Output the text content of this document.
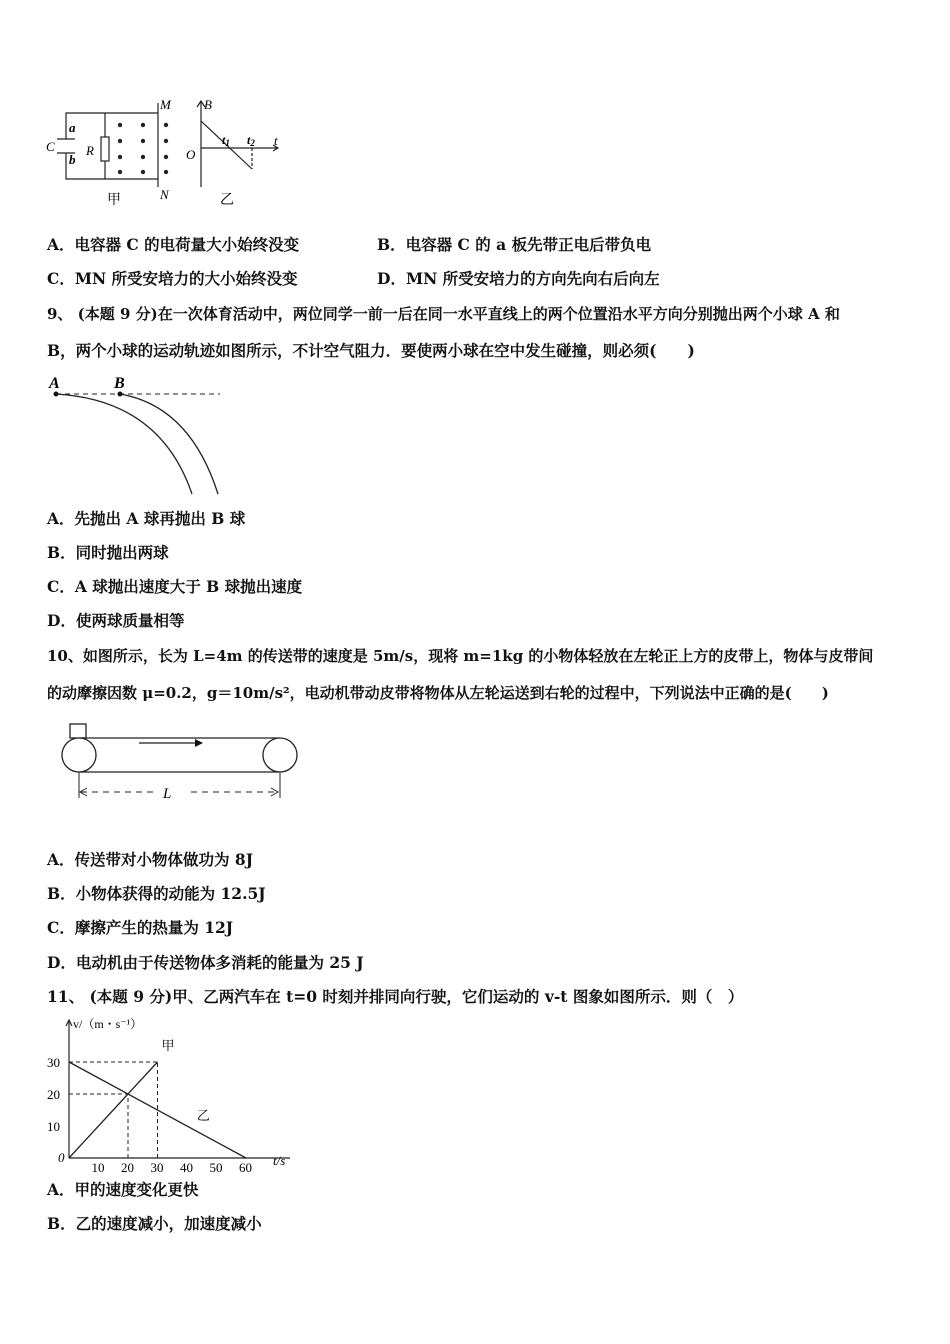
a
b
C R
M
N
甲
B
O
t1 t2 t
乙
A．电容器 C 的电荷量大小始终没变	B．电容器 C 的 a 板先带正电后带负电
C．MN 所受安培力的大小始终没变	D．MN 所受安培力的方向先向右后向左
9、 (本题 9 分)在一次体育活动中，两位同学一前一后在同一水平直线上的两个位置沿水平方向分别抛出两个小球 A 和
B，两个小球的运动轨迹如图所示，不计空气阻力．要使两小球在空中发生碰撞，则必须(　　)
A	B
A．先抛出 A 球再抛出 B 球
B．同时抛出两球
C．A 球抛出速度大于 B 球抛出速度
D．使两球质量相等
10、如图所示，长为 L=4m 的传送带的速度是 5m/s，现将 m=1kg 的小物体轻放在左轮正上方的皮带上，物体与皮带间
的动摩擦因数 μ=0.2，g＝10m/s²，电动机带动皮带将物体从左轮运送到右轮的过程中，下列说法中正确的是(　　)
L
A．传送带对小物体做功为 8J
B．小物体获得的动能为 12.5J
C．摩擦产生的热量为 12J
D．电动机由于传送物体多消耗的能量为 25 J
11、 (本题 9 分)甲、乙两汽车在 t=0 时刻并排同向行驶，它们运动的 v-t 图象如图所示．则（　）
v/（m・s⁻¹）
t/s
0
10 20 30 40 50 60
10
20
30
甲
乙
A．甲的速度变化更快
B．乙的速度减小，加速度减小
